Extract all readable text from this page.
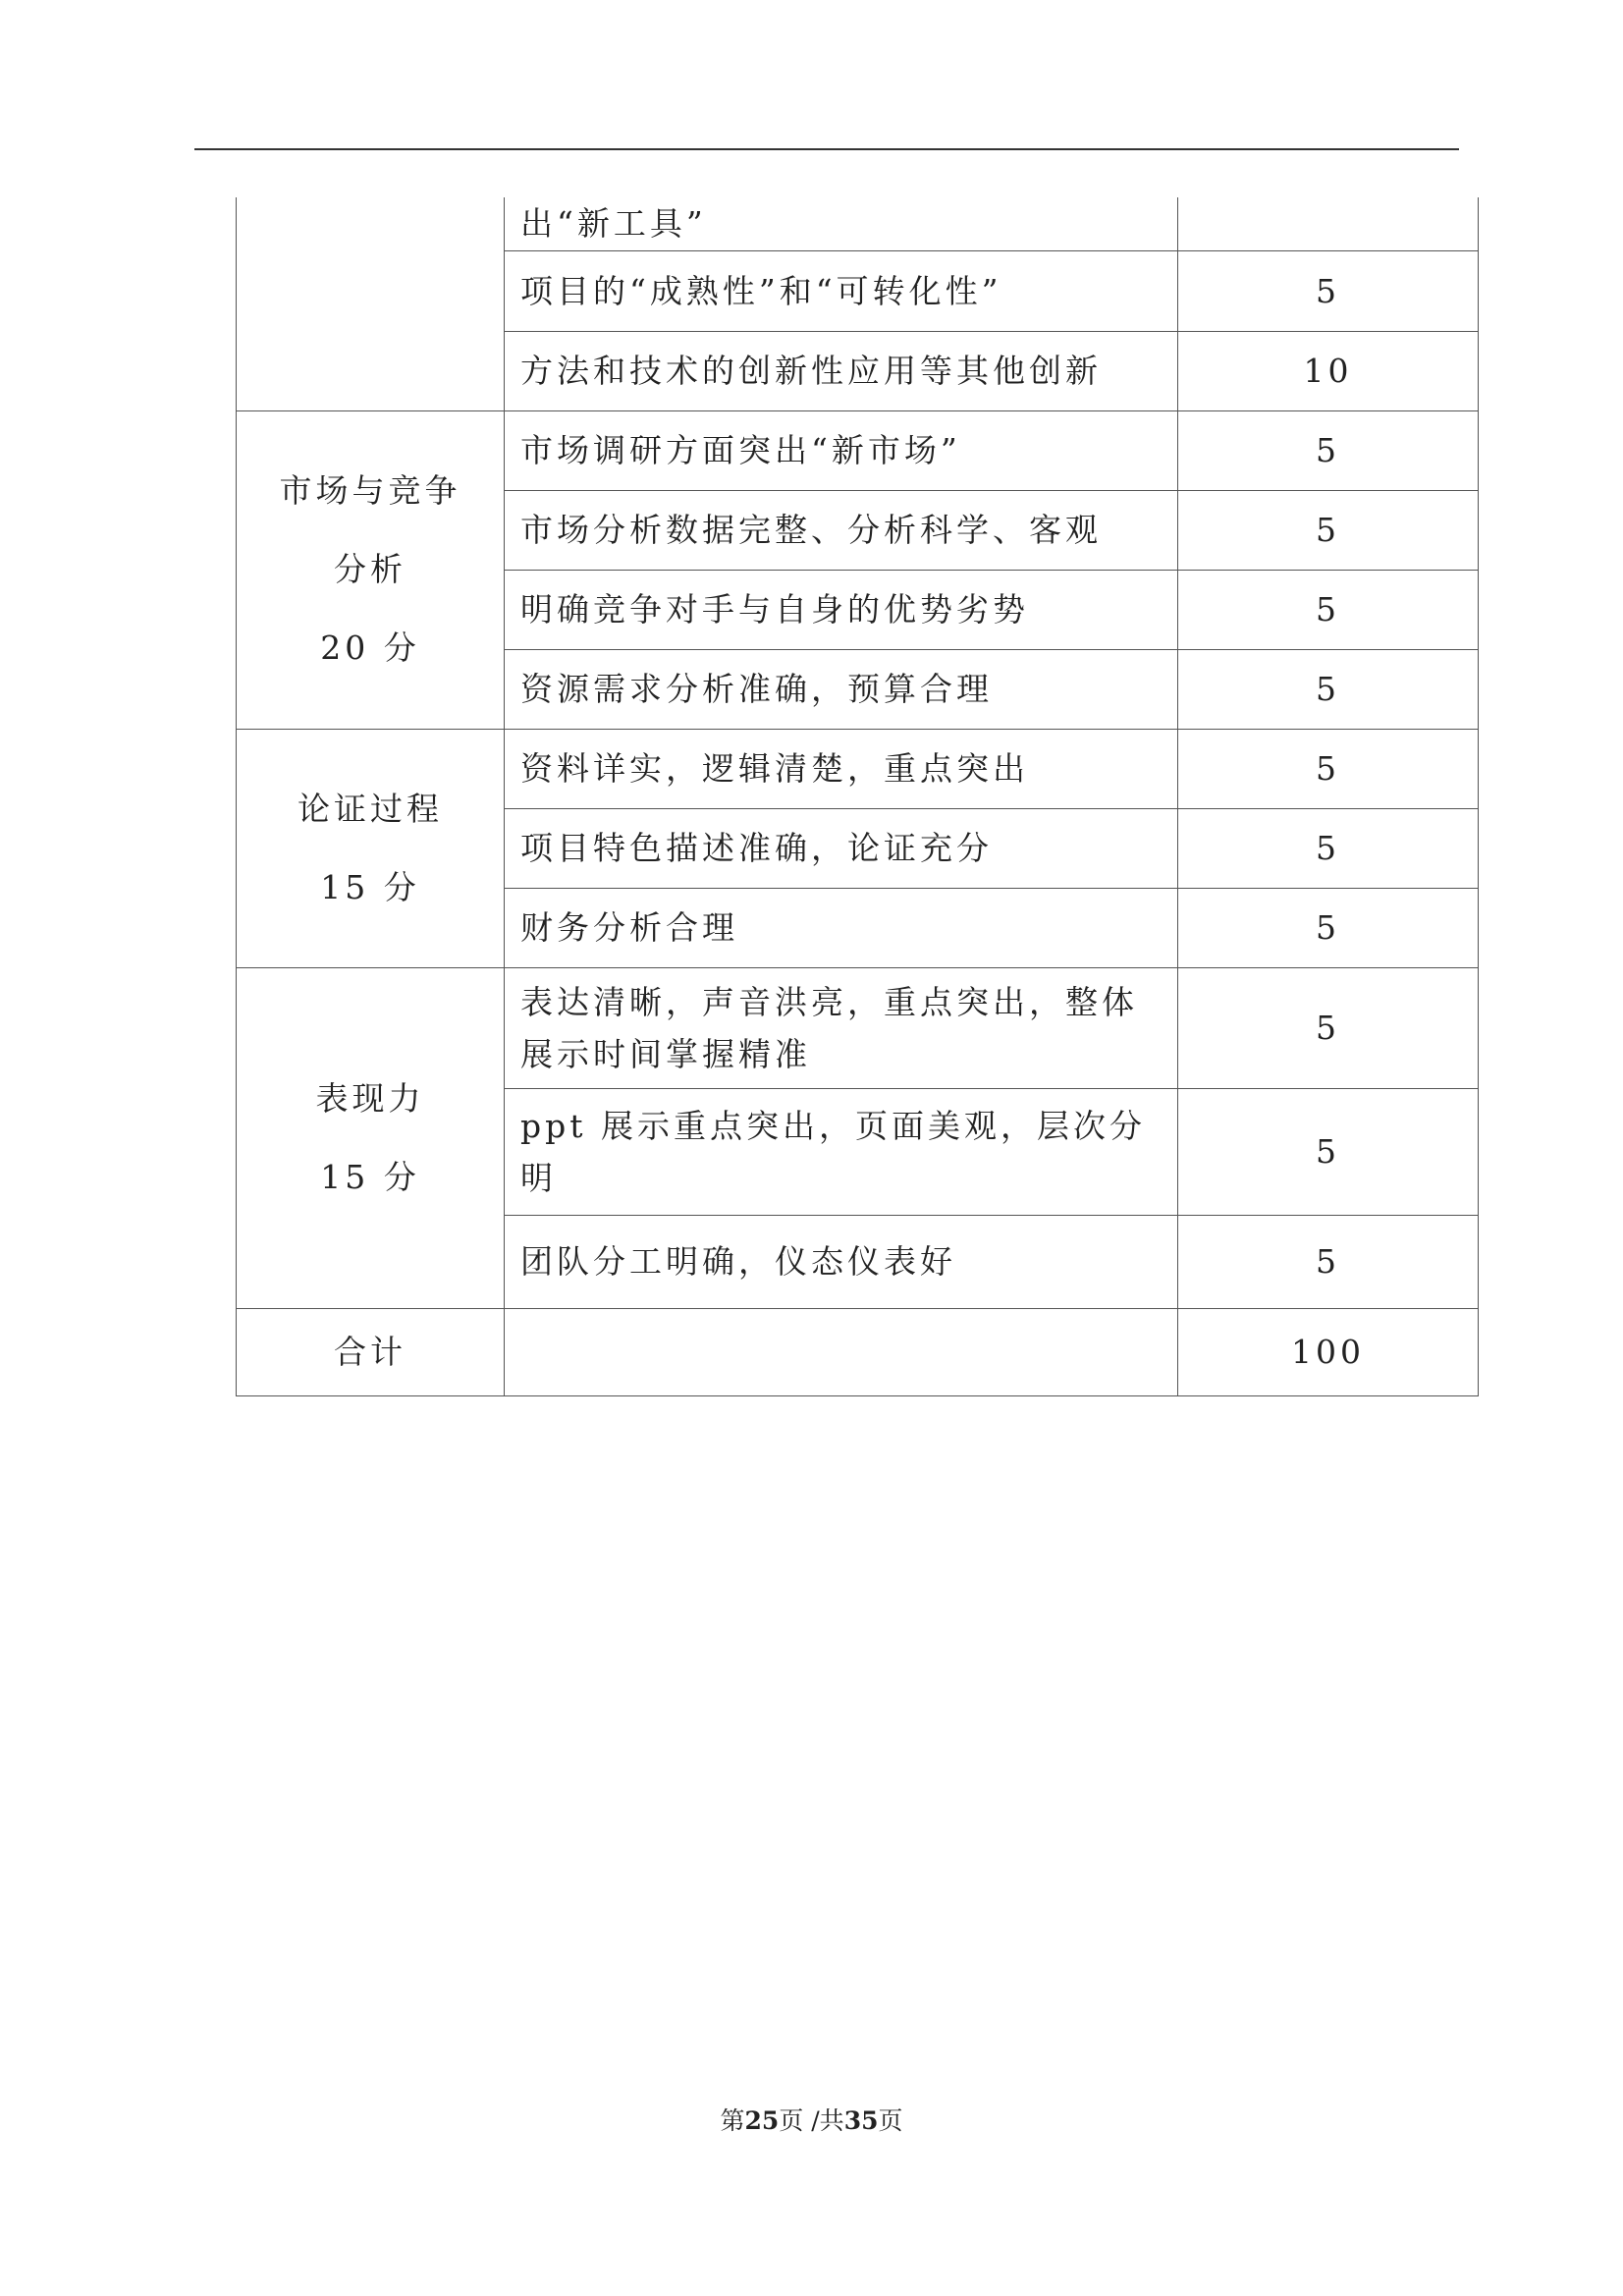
	出“新工具”	
	项目的“成熟性”和“可转化性”	5
	方法和技术的创新性应用等其他创新	10

市场与竞争
分析
20 分	市场调研方面突出“新市场”	5
	市场分析数据完整、分析科学、客观	5
	明确竞争对手与自身的优势劣势	5
	资源需求分析准确，预算合理	5

论证过程
15 分	资料详实，逻辑清楚，重点突出	5
	项目特色描述准确，论证充分	5
	财务分析合理	5

表现力
15 分	表达清晰，声音洪亮，重点突出，整体展示时间掌握精准	5
	ppt 展示重点突出，页面美观，层次分明	5
	团队分工明确，仪态仪表好	5

合计		100
第25页 /共35页
